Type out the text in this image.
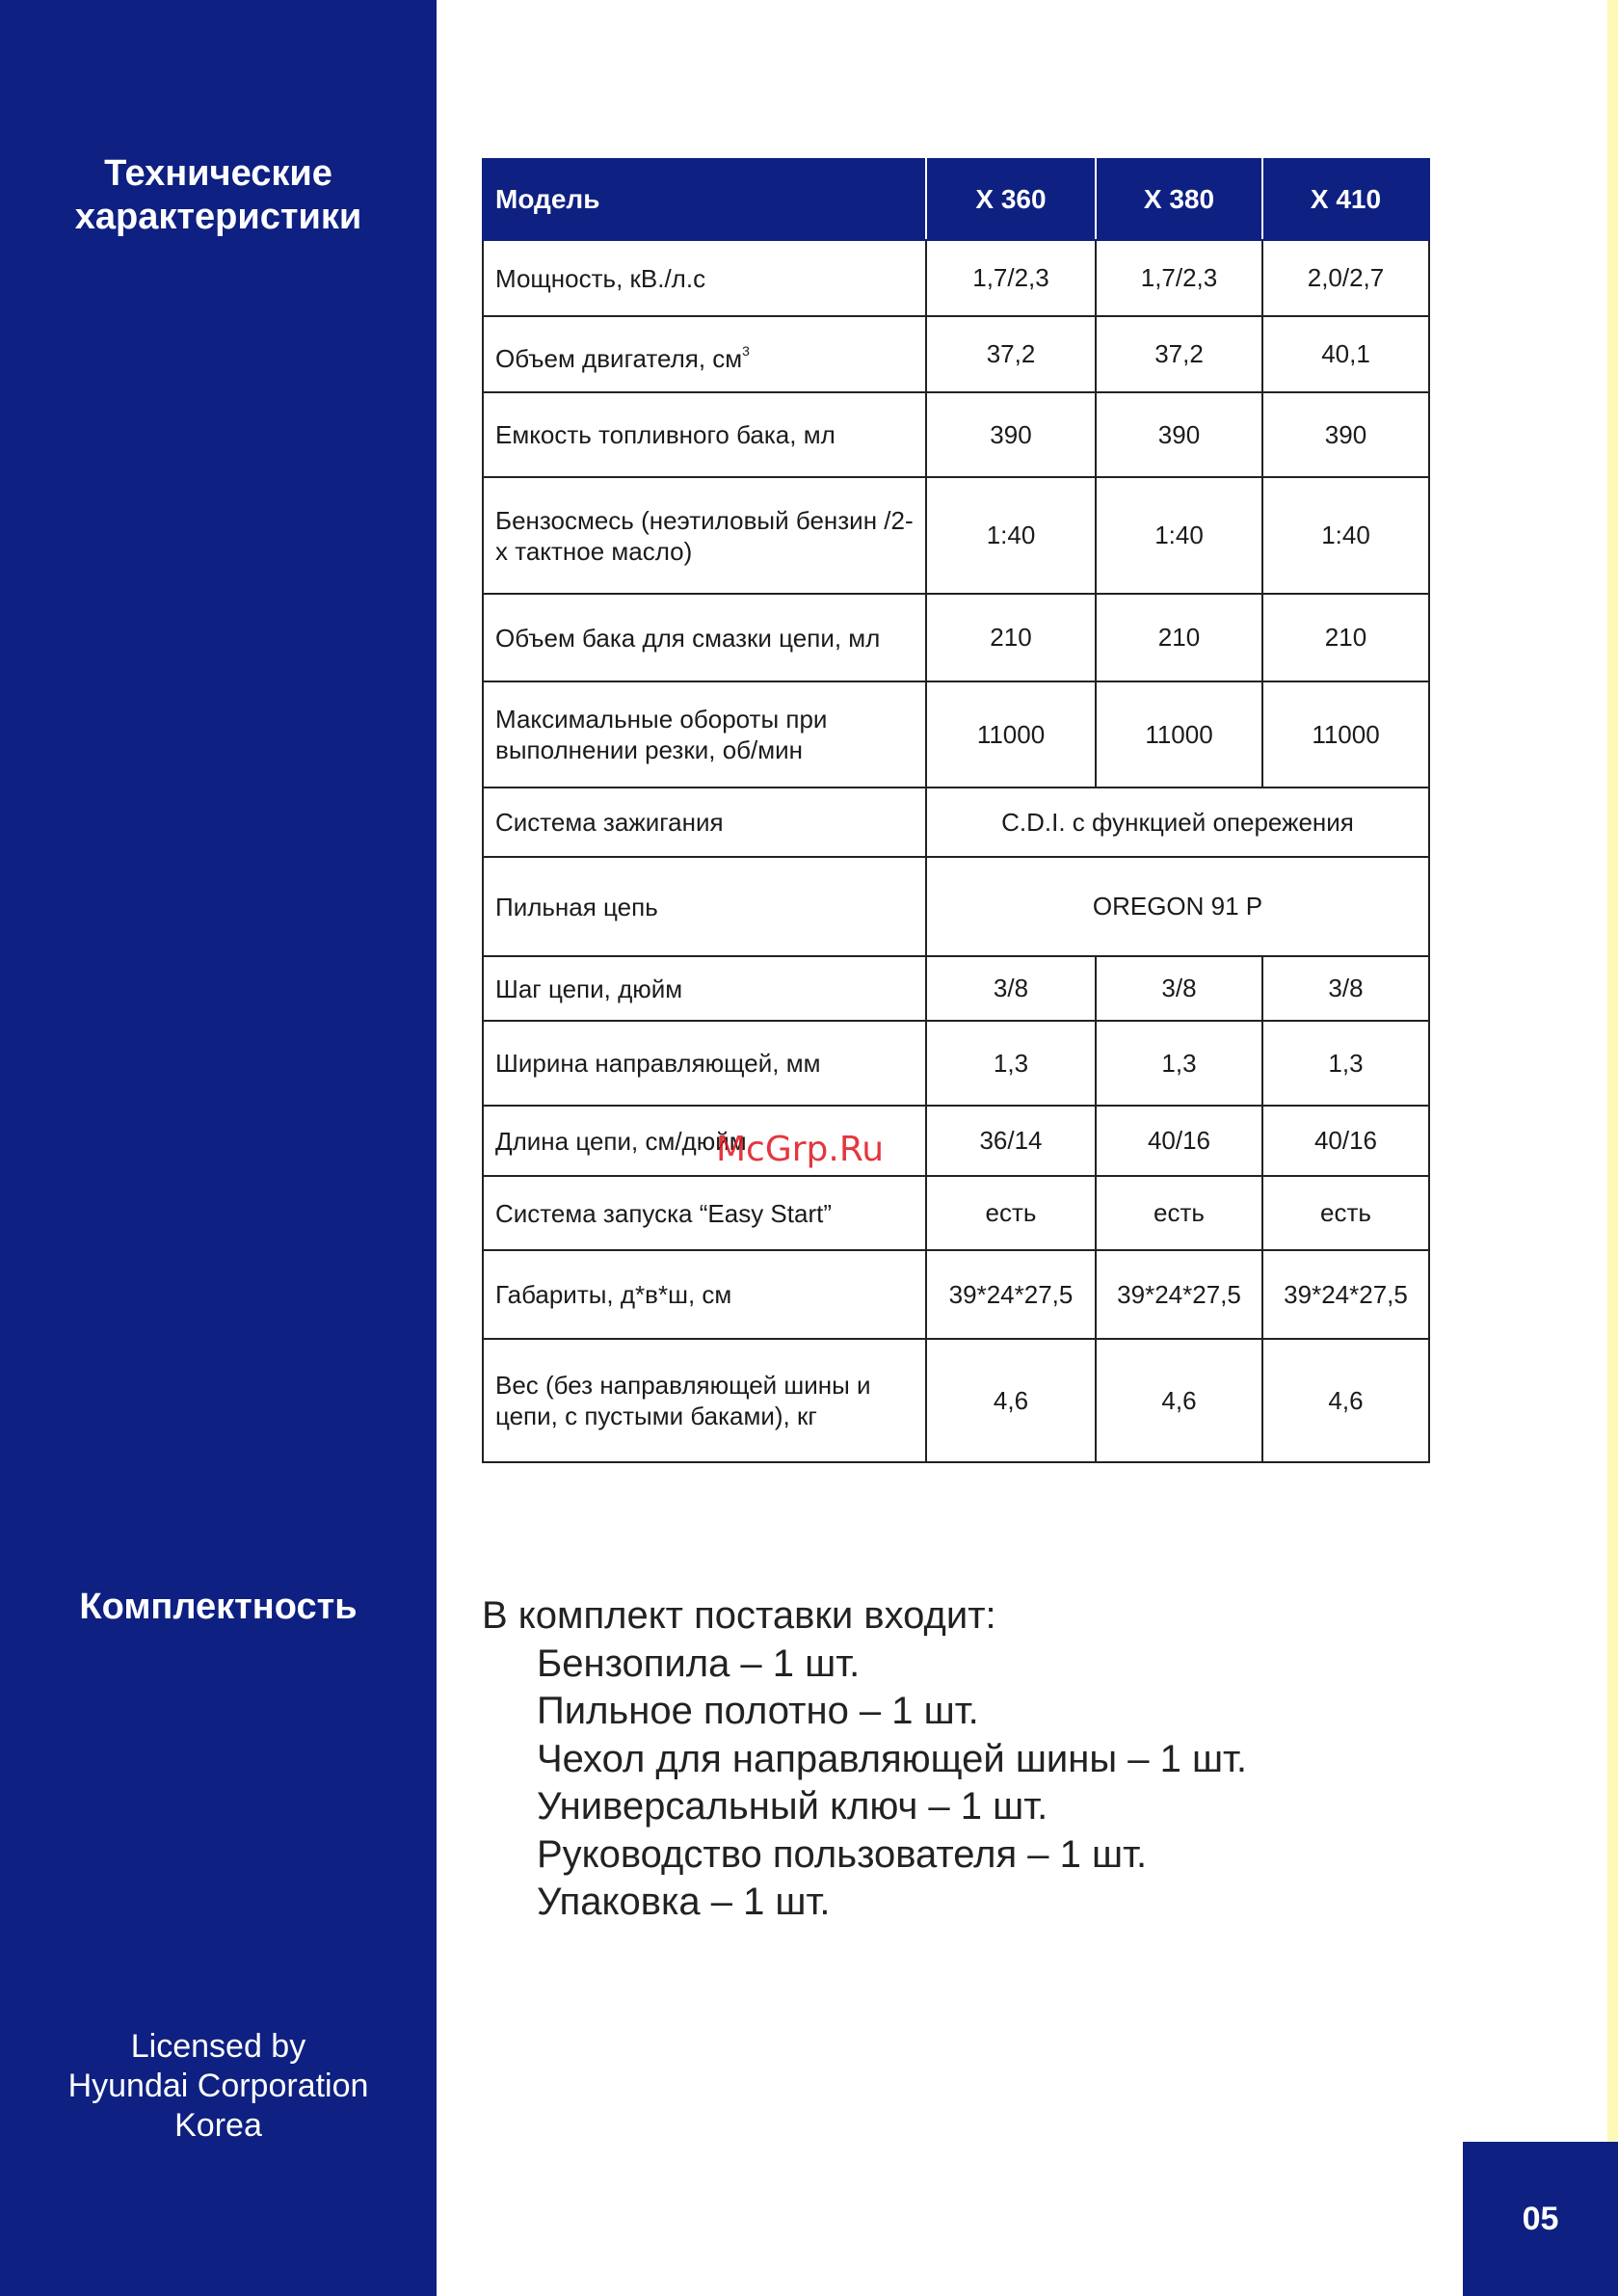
Технические
характеристики
Комплектность
Licensed by
Hyundai Corporation
Korea
Модель	X 360	X 380	X 410
Мощность, кВ./л.с	1,7/2,3	1,7/2,3	2,0/2,7
Объем двигателя, $см^3$	37,2	37,2	40,1
Емкость топливного бака, мл	390	390	390
Бензосмесь (неэтиловый бензин /2-х тактное масло)	1:40	1:40	1:40
Объем бака для смазки цепи, мл	210	210	210
Максимальные обороты при выполнении резки, об/мин	11000	11000	11000
Система зажигания	C.D.I. с функцией опережения		
Пильная цепь	OREGON 91 P		
Шаг цепи, дюйм	3/8	3/8	3/8
Ширина направляющей, мм	1,3	1,3	1,3
Длина цепи, см/дюйм	36/14	40/16	40/16
Система запуска “Easy Start”	есть	есть	есть
Габариты, д*в*ш, см	39*24*27,5	39*24*27,5	39*24*27,5
Вес (без направляющей шины и цепи, с пустыми баками), кг	4,6	4,6	4,6
McGrp.Ru
В комплект поставки входит:
Бензопила – 1 шт.
Пильное полотно – 1 шт.
Чехол для направляющей шины – 1 шт.
Универсальный ключ – 1 шт.
Руководство пользователя – 1 шт.
Упаковка – 1 шт.
05
